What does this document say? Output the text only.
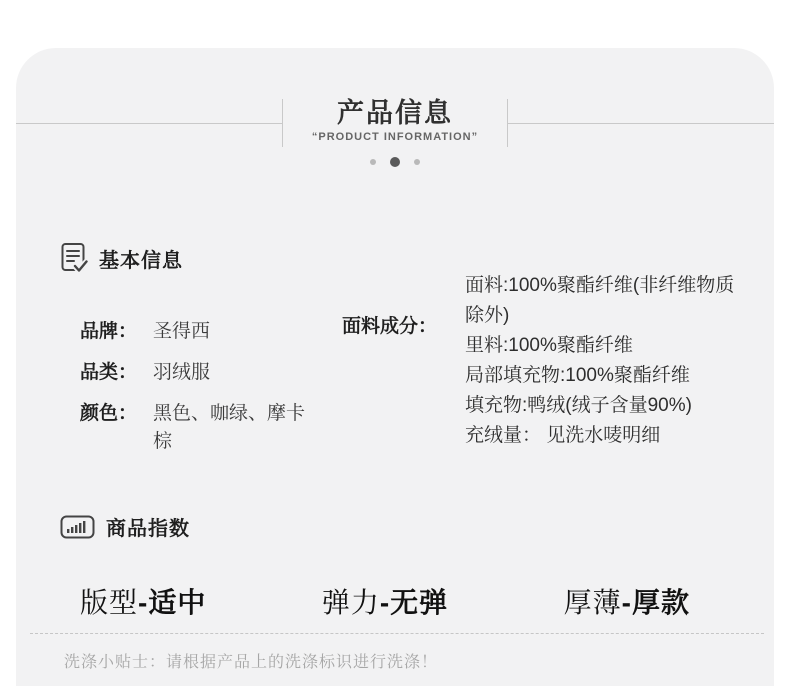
产品信息
“PRODUCT INFORMATION”
基本信息
品牌： 圣得西
品类： 羽绒服
颜色： 黑色、咖绿、摩卡棕
面料成分：
面料:100%聚酯纤维(非纤维物质除外)
里料:100%聚酯纤维
局部填充物:100%聚酯纤维
填充物:鸭绒(绒子含量90%)
充绒量： 见洗水唛明细
商品指数
版型-适中	弹力-无弹	厚薄-厚款
洗涤小贴士：请根据产品上的洗涤标识进行洗涤！
